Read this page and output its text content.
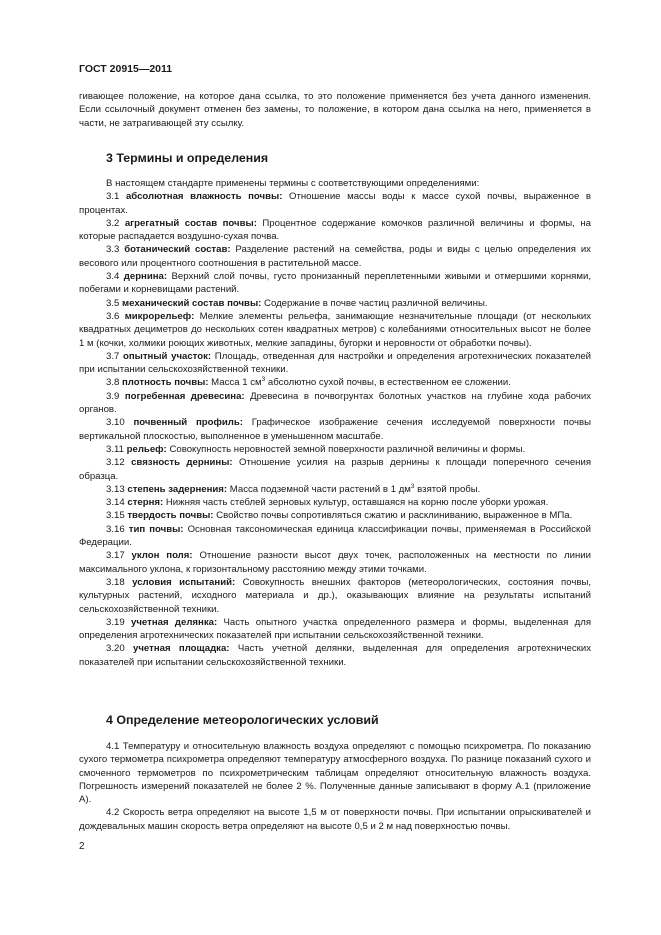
ГОСТ 20915—2011

гивающее положение, на которое дана ссылка, то это положение применяется без учета данного изменения. Если ссылочный документ отменен без замены, то положение, в котором дана ссылка на него, применяется в части, не затрагивающей эту ссылку.

3 Термины и определения

В настоящем стандарте применены термины с соответствующими определениями:

3.1 абсолютная влажность почвы: Отношение массы воды к массе сухой почвы, выраженное в процентах.

3.2 агрегатный состав почвы: Процентное содержание комочков различной величины и формы, на которые распадается воздушно-сухая почва.

3.3 ботанический состав: Разделение растений на семейства, роды и виды с целью определения их весового или процентного соотношения в растительной массе.

3.4 дернина: Верхний слой почвы, густо пронизанный переплетенными живыми и отмершими корнями, побегами и корневищами растений.

3.5 механический состав почвы: Содержание в почве частиц различной величины.

3.6 микрорельеф: Мелкие элементы рельефа, занимающие незначительные площади (от нескольких квадратных дециметров до нескольких сотен квадратных метров) с колебаниями относительных высот не более 1 м (кочки, холмики роющих животных, мелкие западины, бугорки и неровности от обработки почвы).

3.7 опытный участок: Площадь, отведенная для настройки и определения агротехнических показателей при испытании сельскохозяйственной техники.

3.8 плотность почвы: Масса 1 $см^3$ абсолютно сухой почвы, в естественном ее сложении.

3.9 погребенная древесина: Древесина в почвогрунтах болотных участков на глубине хода рабочих органов.

3.10 почвенный профиль: Графическое изображение сечения исследуемой поверхности почвы вертикальной плоскостью, выполненное в уменьшенном масштабе.

3.11 рельеф: Совокупность неровностей земной поверхности различной величины и формы.

3.12 связность дернины: Отношение усилия на разрыв дернины к площади поперечного сечения образца.

3.13 степень задернения: Масса подземной части растений в 1 $дм^3$ взятой пробы.

3.14 стерня: Нижняя часть стеблей зерновых культур, оставшаяся на корню после уборки урожая.

3.15 твердость почвы: Свойство почвы сопротивляться сжатию и расклиниванию, выраженное в МПа.

3.16 тип почвы: Основная таксономическая единица классификации почвы, применяемая в Российской Федерации.

3.17 уклон поля: Отношение разности высот двух точек, расположенных на местности по линии максимального уклона, к горизонтальному расстоянию между этими точками.

3.18 условия испытаний: Совокупность внешних факторов (метеорологических, состояния почвы, культурных растений, исходного материала и др.), оказывающих влияние на результаты испытаний сельскохозяйственной техники.

3.19 учетная делянка: Часть опытного участка определенного размера и формы, выделенная для определения агротехнических показателей при испытании сельскохозяйственной техники.

3.20 учетная площадка: Часть учетной делянки, выделенная для определения агротехнических показателей при испытании сельскохозяйственной техники.

4 Определение метеорологических условий

4.1 Температуру и относительную влажность воздуха определяют с помощью психрометра. По показанию сухого термометра психрометра определяют температуру атмосферного воздуха. По разнице показаний сухого и смоченного термометров по психрометрическим таблицам определяют относительную влажность воздуха. Погрешность измерений показателей не более 2 %. Полученные данные записывают в форму А.1 (приложение А).

4.2 Скорость ветра определяют на высоте 1,5 м от поверхности почвы. При испытании опрыскивателей и дождевальных машин скорость ветра определяют на высоте 0,5 и 2 м над поверхностью почвы.

2
